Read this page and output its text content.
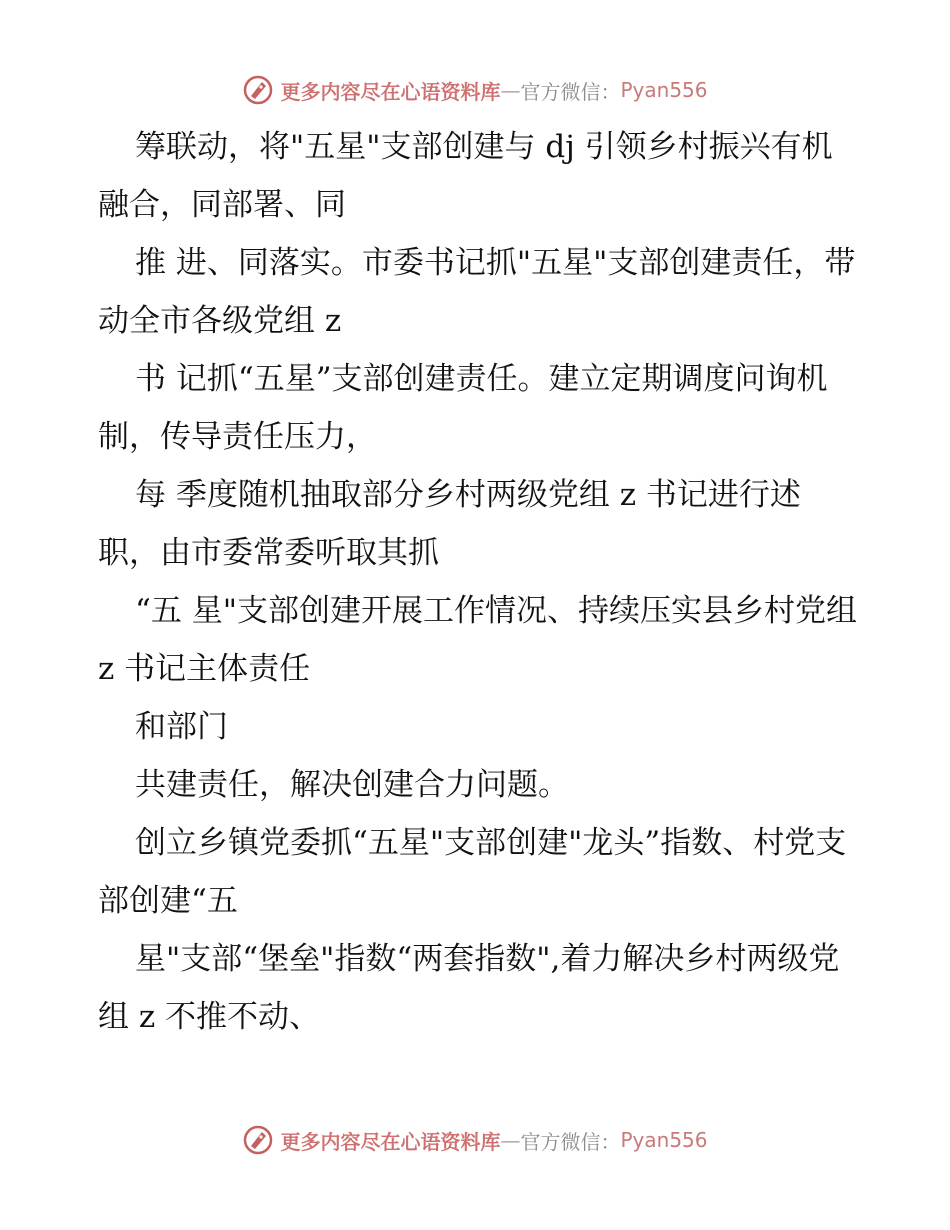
更多内容尽在心语资料库 — 官方微信： Pyan556

筹联动，将"五星"支部创建与 dj 引领乡村振兴有机融合，同部署、同

推 进、同落实。市委书记抓"五星"支部创建责任，带动全市各级党组 z

书 记抓“五星”支部创建责任。建立定期调度问询机制，传导责任压力，

每 季度随机抽取部分乡村两级党组 z 书记进行述职，由市委常委听取其抓

“五 星"支部创建开展工作情况、持续压实县乡村党组 z 书记主体责任

和部门

共建责任，解决创建合力问题。

创立乡镇党委抓“五星"支部创建"龙头”指数、村党支部创建“五

星"支部“堡垒"指数“两套指数",着力解决乡村两级党组 z 不推不动、

更多内容尽在心语资料库 — 官方微信： Pyan556
